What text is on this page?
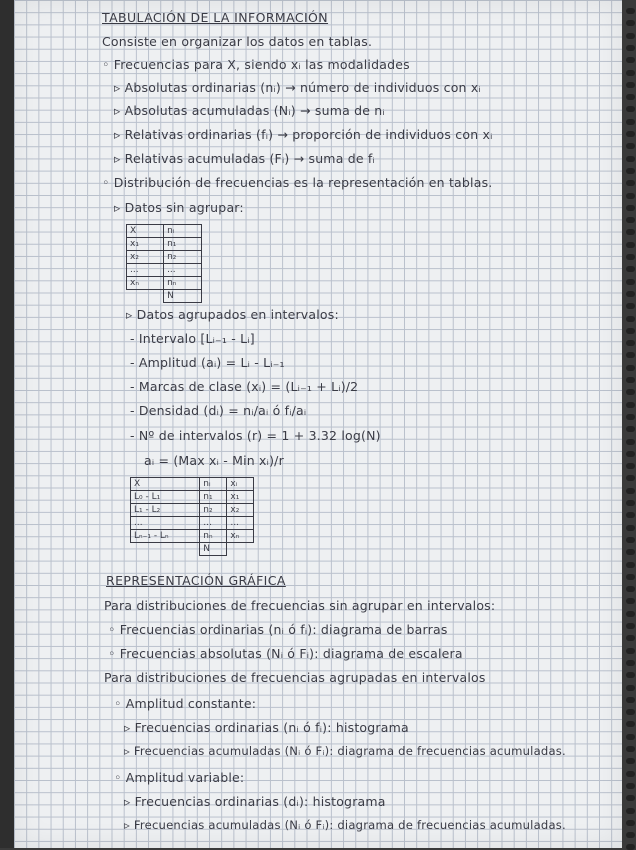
TABULACIÓN DE LA INFORMACIÓN
Consiste en organizar los datos en tablas.
◦ Frecuencias para X, siendo xᵢ las modalidades
▹ Absolutas ordinarias (nᵢ) → número de individuos con xᵢ
▹ Absolutas acumuladas (Nᵢ) → suma de nᵢ
▹ Relativas ordinarias (fᵢ) → proporción de individuos con xᵢ
▹ Relativas acumuladas (Fᵢ) → suma de fᵢ
◦ Distribución de frecuencias es la representación en tablas.
▹ Datos sin agrupar:
X	nᵢ
x₁	n₁
x₂	n₂
...	...
xₙ	nₙ
	N
▹ Datos agrupados en intervalos:
- Intervalo [Lᵢ₋₁ - Lᵢ]
- Amplitud (aᵢ) = Lᵢ - Lᵢ₋₁
- Marcas de clase (xᵢ) = (Lᵢ₋₁ + Lᵢ)/2
- Densidad (dᵢ) = nᵢ/aᵢ ó fᵢ/aᵢ
- Nº de intervalos (r) = 1 + 3.32 log(N)
aᵢ = (Max xᵢ - Min xᵢ)/r
X	nᵢ	xᵢ
L₀ - L₁	n₁	x₁
L₁ - L₂	n₂	x₂
...	...	...
Lₙ₋₁ - Lₙ	nₙ	xₙ
	N	
REPRESENTACIÓN GRÁFICA
Para distribuciones de frecuencias sin agrupar en intervalos:
◦ Frecuencias ordinarias (nᵢ ó fᵢ): diagrama de barras
◦ Frecuencias absolutas (Nᵢ ó Fᵢ): diagrama de escalera
Para distribuciones de frecuencias agrupadas en intervalos
◦ Amplitud constante:
▹ Frecuencias ordinarias (nᵢ ó fᵢ): histograma
▹ Frecuencias acumuladas (Nᵢ ó Fᵢ): diagrama de frecuencias acumuladas.
◦ Amplitud variable:
▹ Frecuencias ordinarias (dᵢ): histograma
▹ Frecuencias acumuladas (Nᵢ ó Fᵢ): diagrama de frecuencias acumuladas.
